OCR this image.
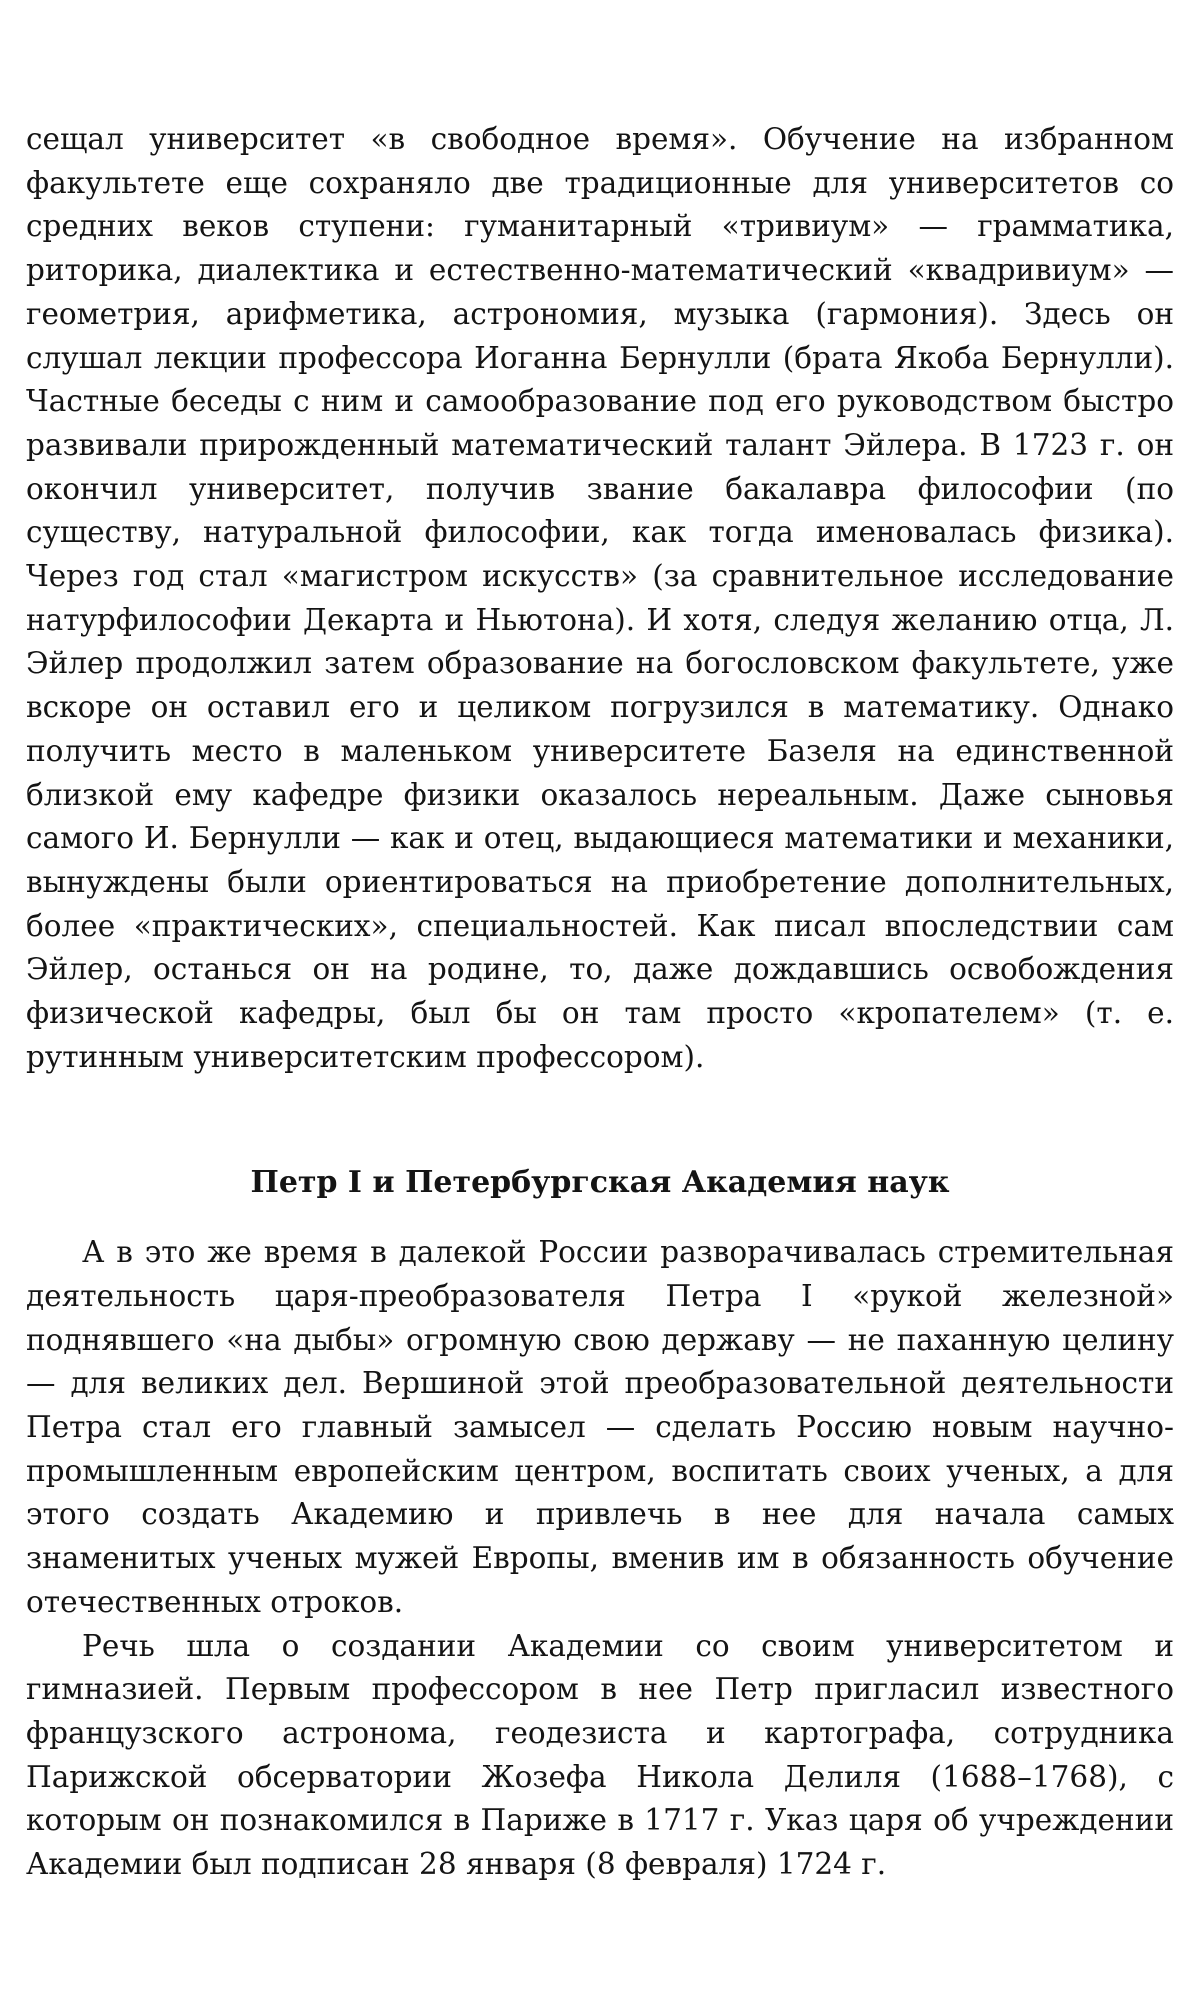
сещал университет «в свободное время». Обучение на избранном факультете еще сохраняло две традиционные для университетов со средних веков ступени: гуманитарный «тривиум» — грамматика, риторика, диалектика и естественно-математический «квадривиум» — геометрия, арифметика, астрономия, музыка (гармония). Здесь он слушал лекции профессора Иоганна Бернулли (брата Якоба Бернулли). Частные беседы с ним и самообразование под его руководством быстро развивали прирожденный математический талант Эйлера. В 1723 г. он окончил университет, получив звание бакалавра философии (по существу, натуральной философии, как тогда именовалась физика). Через год стал «магистром искусств» (за сравнительное исследование натурфилософии Декарта и Ньютона). И хотя, следуя желанию отца, Л. Эйлер продолжил затем образование на богословском факультете, уже вскоре он оставил его и целиком погрузился в математику. Однако получить место в маленьком университете Базеля на единственной близкой ему кафедре физики оказалось нереальным. Даже сыновья самого И. Бернулли — как и отец, выдающиеся математики и механики, вынуждены были ориентироваться на приобретение дополнительных, более «практических», специальностей. Как писал впоследствии сам Эйлер, останься он на родине, то, даже дождавшись освобождения физической кафедры, был бы он там просто «кропателем» (т. е. рутинным университетским профессором).

Петр I и Петербургская Академия наук

А в это же время в далекой России разворачивалась стремительная деятельность царя-преобразователя Петра I «рукой железной» поднявшего «на дыбы» огромную свою державу — не паханную целину — для великих дел. Вершиной этой преобразовательной деятельности Петра стал его главный замысел — сделать Россию новым научно-промышленным европейским центром, воспитать своих ученых, а для этого создать Академию и привлечь в нее для начала самых знаменитых ученых мужей Европы, вменив им в обязанность обучение отечественных отроков.

Речь шла о создании Академии со своим университетом и гимназией. Первым профессором в нее Петр пригласил известного французского астронома, геодезиста и картографа, сотрудника Парижской обсерватории Жозефа Никола Делиля (1688–1768), с которым он познакомился в Париже в 1717 г. Указ царя об учреждении Академии был подписан 28 января (8 февраля) 1724 г.
